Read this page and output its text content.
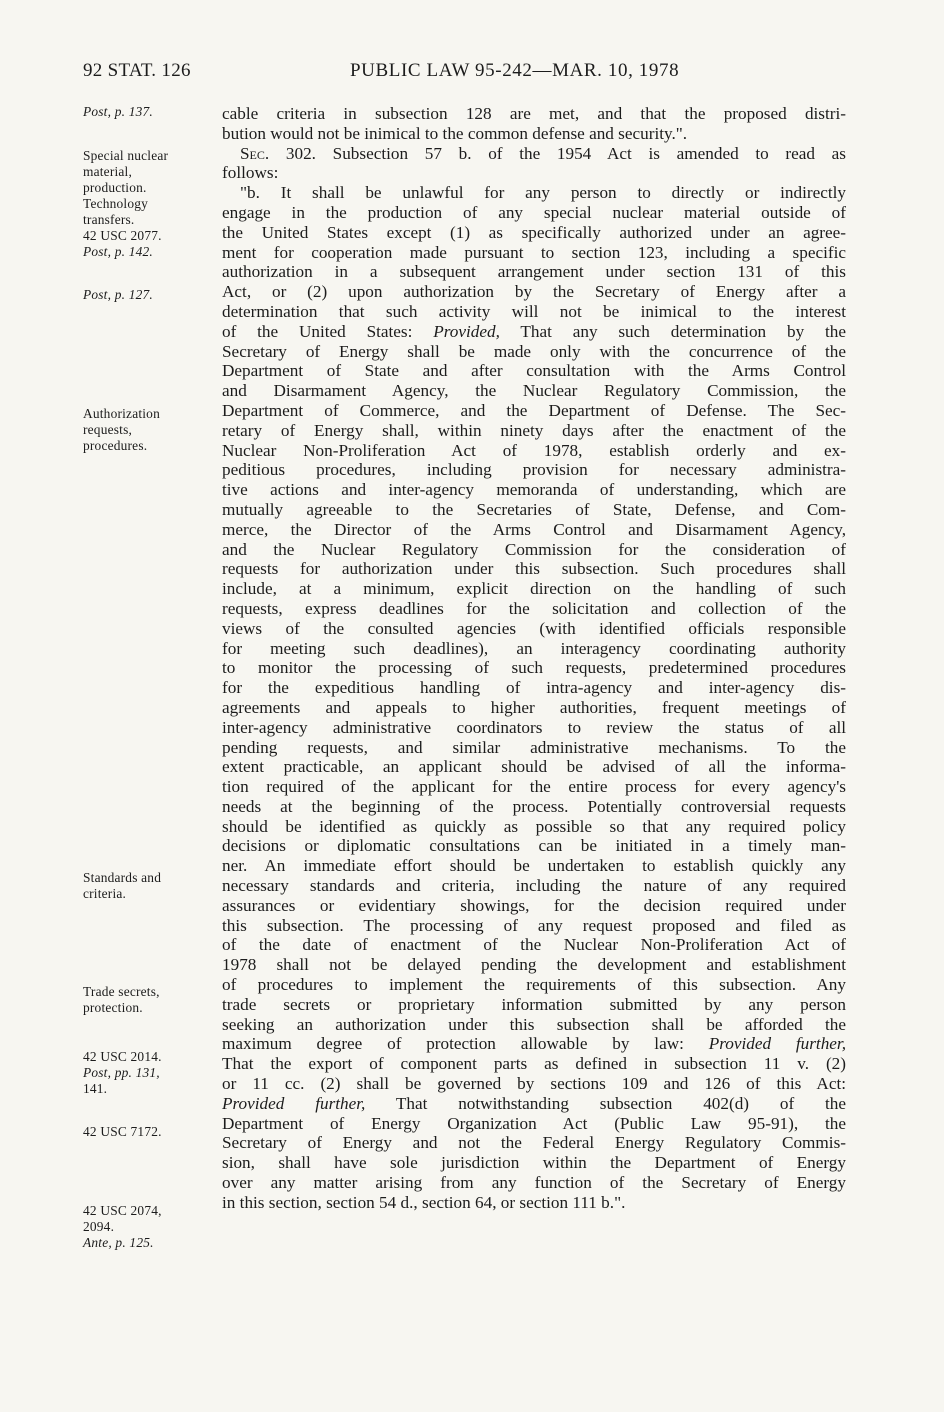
92 STAT. 126	PUBLIC LAW 95-242—MAR. 10, 1978
Post, p. 137.
Special nuclear
material,
production.
Technology
transfers.
42 USC 2077.
Post, p. 142.
Post, p. 127.
Authorization
requests,
procedures.
Standards and
criteria.
Trade secrets,
protection.
42 USC 2014.
Post, pp. 131,
141.
42 USC 7172.
42 USC 2074,
2094.
Ante, p. 125.
cable criteria in subsection 128 are met, and that the proposed distri-
bution would not be inimical to the common defense and security.".
Sec. 302. Subsection 57 b. of the 1954 Act is amended to read as
follows:
"b. It shall be unlawful for any person to directly or indirectly
engage in the production of any special nuclear material outside of
the United States except (1) as specifically authorized under an agree-
ment for cooperation made pursuant to section 123, including a specific
authorization in a subsequent arrangement under section 131 of this
Act, or (2) upon authorization by the Secretary of Energy after a
determination that such activity will not be inimical to the interest
of the United States: Provided, That any such determination by the
Secretary of Energy shall be made only with the concurrence of the
Department of State and after consultation with the Arms Control
and Disarmament Agency, the Nuclear Regulatory Commission, the
Department of Commerce, and the Department of Defense. The Sec-
retary of Energy shall, within ninety days after the enactment of the
Nuclear Non-Proliferation Act of 1978, establish orderly and ex-
peditious procedures, including provision for necessary administra-
tive actions and inter-agency memoranda of understanding, which are
mutually agreeable to the Secretaries of State, Defense, and Com-
merce, the Director of the Arms Control and Disarmament Agency,
and the Nuclear Regulatory Commission for the consideration of
requests for authorization under this subsection. Such procedures shall
include, at a minimum, explicit direction on the handling of such
requests, express deadlines for the solicitation and collection of the
views of the consulted agencies (with identified officials responsible
for meeting such deadlines), an interagency coordinating authority
to monitor the processing of such requests, predetermined procedures
for the expeditious handling of intra-agency and inter-agency dis-
agreements and appeals to higher authorities, frequent meetings of
inter-agency administrative coordinators to review the status of all
pending requests, and similar administrative mechanisms. To the
extent practicable, an applicant should be advised of all the informa-
tion required of the applicant for the entire process for every agency's
needs at the beginning of the process. Potentially controversial requests
should be identified as quickly as possible so that any required policy
decisions or diplomatic consultations can be initiated in a timely man-
ner. An immediate effort should be undertaken to establish quickly any
necessary standards and criteria, including the nature of any required
assurances or evidentiary showings, for the decision required under
this subsection. The processing of any request proposed and filed as
of the date of enactment of the Nuclear Non-Proliferation Act of
1978 shall not be delayed pending the development and establishment
of procedures to implement the requirements of this subsection. Any
trade secrets or proprietary information submitted by any person
seeking an authorization under this subsection shall be afforded the
maximum degree of protection allowable by law: Provided further,
That the export of component parts as defined in subsection 11 v. (2)
or 11 cc. (2) shall be governed by sections 109 and 126 of this Act:
Provided further, That notwithstanding subsection 402(d) of the
Department of Energy Organization Act (Public Law 95-91), the
Secretary of Energy and not the Federal Energy Regulatory Commis-
sion, shall have sole jurisdiction within the Department of Energy
over any matter arising from any function of the Secretary of Energy
in this section, section 54 d., section 64, or section 111 b.".
